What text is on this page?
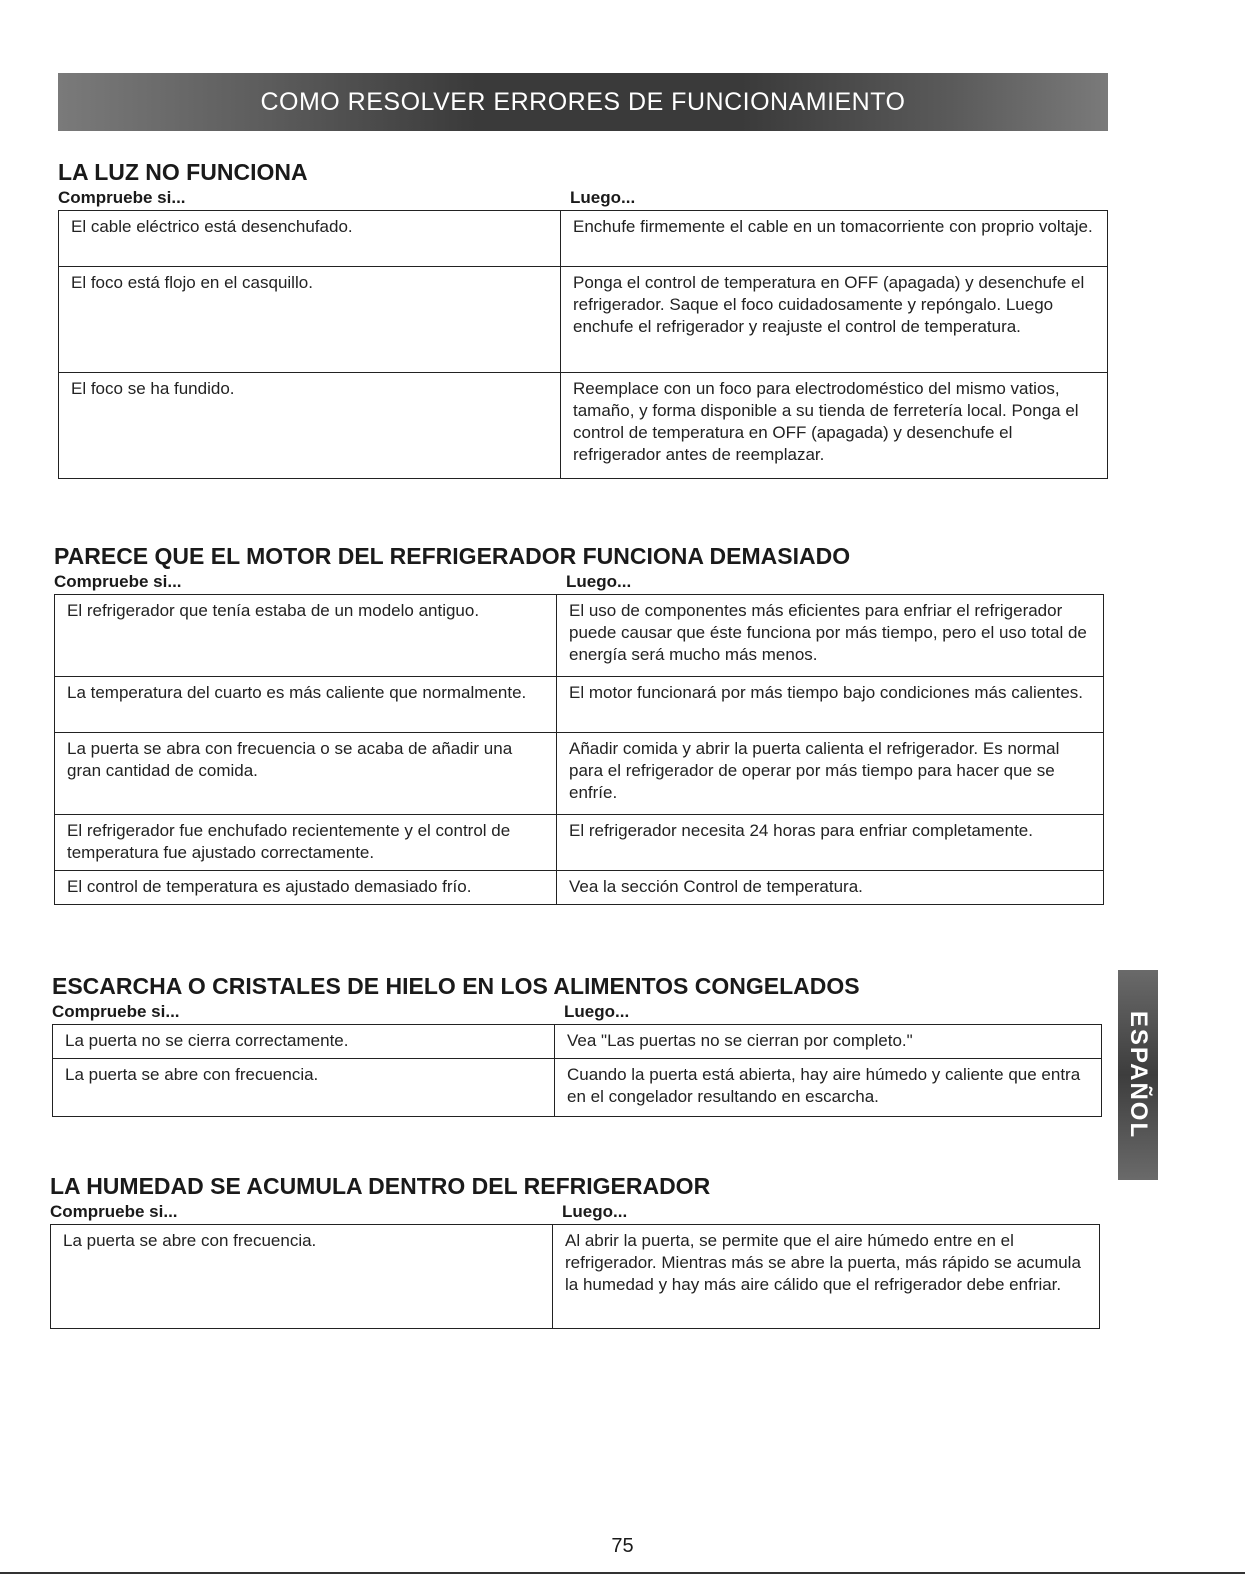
COMO RESOLVER ERRORES DE FUNCIONAMIENTO
LA LUZ NO FUNCIONA
Compruebe si...	Luego...
El cable eléctrico está desenchufado.	Enchufe firmemente el cable en un tomacorriente con proprio voltaje.
El foco está flojo en el casquillo.	Ponga el control de temperatura en OFF (apagada) y desenchufe el refrigerador. Saque el foco cuidadosamente y repóngalo. Luego enchufe el refrigerador y reajuste el control de temperatura.
El foco se ha fundido.	Reemplace con un foco para electrodoméstico del mismo vatios, tamaño, y forma disponible a su tienda de ferretería local. Ponga el control de temperatura en OFF (apagada) y desenchufe el refrigerador antes de reemplazar.
PARECE QUE EL MOTOR DEL REFRIGERADOR FUNCIONA DEMASIADO
Compruebe si...	Luego...
El refrigerador que tenía estaba de un modelo antiguo.	El uso de componentes más eficientes para enfriar el refrigerador puede causar que éste funciona por más tiempo, pero el uso total de energía será mucho más menos.
La temperatura del cuarto es más caliente que normalmente.	El motor funcionará por más tiempo bajo condiciones más calientes.
La puerta se abra con frecuencia o se acaba de añadir una gran cantidad de comida.	Añadir comida y abrir la puerta calienta el refrigerador. Es normal para el refrigerador de operar por más tiempo para hacer que se enfríe.
El refrigerador fue enchufado recientemente y el control de temperatura fue ajustado correctamente.	El refrigerador necesita 24 horas para enfriar completamente.
El control de temperatura es ajustado demasiado frío.	Vea la sección Control de temperatura.
ESCARCHA O CRISTALES DE HIELO EN LOS ALIMENTOS CONGELADOS
Compruebe si...	Luego...
La puerta no se cierra correctamente.	Vea "Las puertas no se cierran por completo."
La puerta se abre con frecuencia.	Cuando la puerta está abierta, hay aire húmedo y caliente que entra en el congelador resultando en escarcha.
LA HUMEDAD SE ACUMULA DENTRO DEL REFRIGERADOR
Compruebe si...	Luego...
La puerta se abre con frecuencia.	Al abrir la puerta, se permite que el aire húmedo entre en el refrigerador. Mientras más se abre la puerta, más rápido se acumula la humedad y hay más aire cálido que el refrigerador debe enfriar.
ESPAÑOL
75
